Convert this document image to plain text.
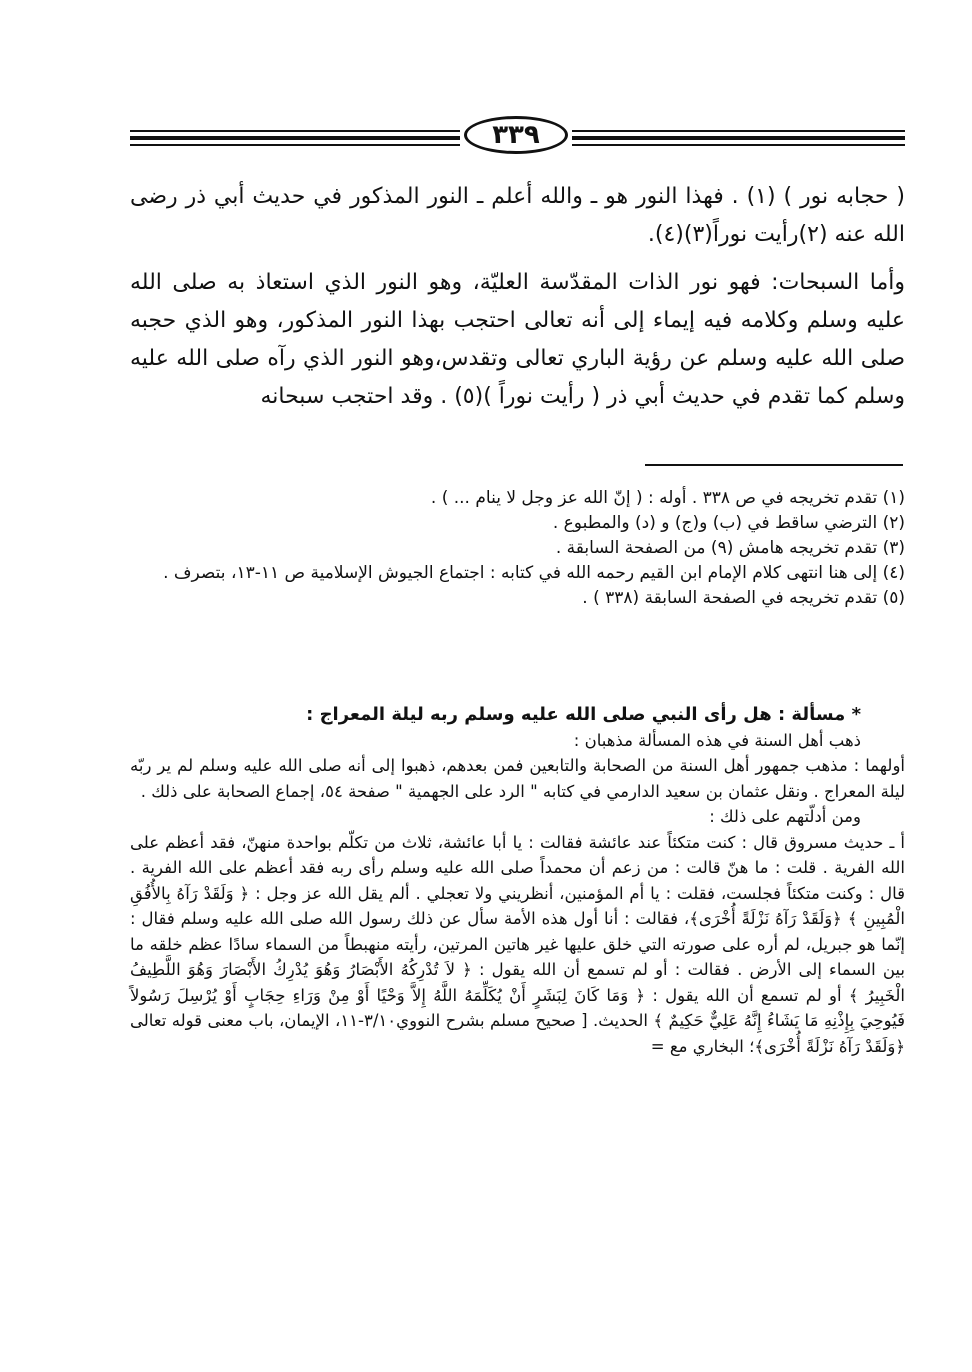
٣٣٩

( حجابه نور ) (١) . فهذا النور هو ـ والله أعلم ـ النور المذكور في حديث أبي ذر رضى الله عنه (٢)رأيت نوراً(٣)(٤).

وأما السبحات: فهو نور الذات المقدّسة العليّة، وهو النور الذي استعاذ به صلى الله عليه وسلم وكلامه فيه إيماء إلى أنه تعالى احتجب بهذا النور المذكور، وهو الذي حجبه صلى الله عليه وسلم عن رؤية الباري تعالى وتقدس،وهو النور الذي رآه صلى الله عليه وسلم كما تقدم في حديث أبي ذر ( رأيت نوراً )(٥) . وقد احتجب سبحانه

(١) تقدم تخريجه في ص ٣٣٨ . أوله : ( إنّ الله عز وجل لا ينام ... ) .
(٢) الترضي ساقط في (ب) و(ج) و (د) والمطبوع .
(٣) تقدم تخريجه هامش (٩) من الصفحة السابقة .
(٤) إلى هنا انتهى كلام الإمام ابن القيم رحمه الله في كتابه : اجتماع الجيوش الإسلامية ص ١١-١٣، بتصرف .
(٥) تقدم تخريجه في الصفحة السابقة (٣٣٨ ) .

* مسألة : هل رأى النبي صلى الله عليه وسلم ربه ليلة المعراج :

ذهب أهل السنة في هذه المسألة مذهبان :

أولهما : مذهب جمهور أهل السنة من الصحابة والتابعين فمن بعدهم، ذهبوا إلى أنه صلى الله عليه وسلم لم ير ربّه ليلة المعراج . ونقل عثمان بن سعيد الدارمي في كتابه " الرد على الجهمية " صفحة ٥٤، إجماع الصحابة على ذلك .

ومن أدلّتهم على ذلك :

أ ـ حديث مسروق قال : كنت متكئاً عند عائشة فقالت : يا أبا عائشة، ثلاث من تكلّم بواحدة منهنّ، فقد أعظم على الله الفرية . قلت : ما هنّ قالت : من زعم أن محمداً صلى الله عليه وسلم رأى ربه فقد أعظم على الله الفرية . قال : وكنت متكئاً فجلست، فقلت : يا أم المؤمنين، أنظريني ولا تعجلي . ألم يقل الله عز وجل : ﴿ وَلَقَدْ رَآهُ بِالأُفُقِ الْمُبِينِ ﴾ ﴿وَلَقَدْ رَآهُ نَزْلَةً أُخْرَى﴾، فقالت : أنا أول هذه الأمة سأل عن ذلك رسول الله صلى الله عليه وسلم فقال : إنّما هو جبريل، لم أره على صورته التي خلق عليها غير هاتين المرتين، رأيته منهبطاً من السماء سادًا عظم خلقه ما بين السماء إلى الأرض . فقالت : أو لم تسمع أن الله يقول : ﴿ لاَ تُدْرِكُهُ الأَبْصَارُ وَهُوَ يُدْرِكُ الأَبْصَارَ وَهُوَ اللَّطِيفُ الْخَبِيرُ ﴾ أو لم تسمع أن الله يقول : ﴿ وَمَا كَانَ لِبَشَرٍ أَنْ يُكَلِّمَهُ اللَّهُ إِلاَّ وَحْيًا أَوْ مِنْ وَرَاءِ حِجَابٍ أَوْ يُرْسِلَ رَسُولاً فَيُوحِيَ بِإِذْنِهِ مَا يَشَاءُ إِنَّهُ عَلِيٌّ حَكِيمٌ ﴾ الحديث. [ صحيح مسلم بشرح النووي٣/١٠-١١، الإيمان، باب معنى قوله تعالى ﴿وَلَقَدْ رَآهُ نَزْلَةً أُخْرَى﴾؛ البخاري مع =
